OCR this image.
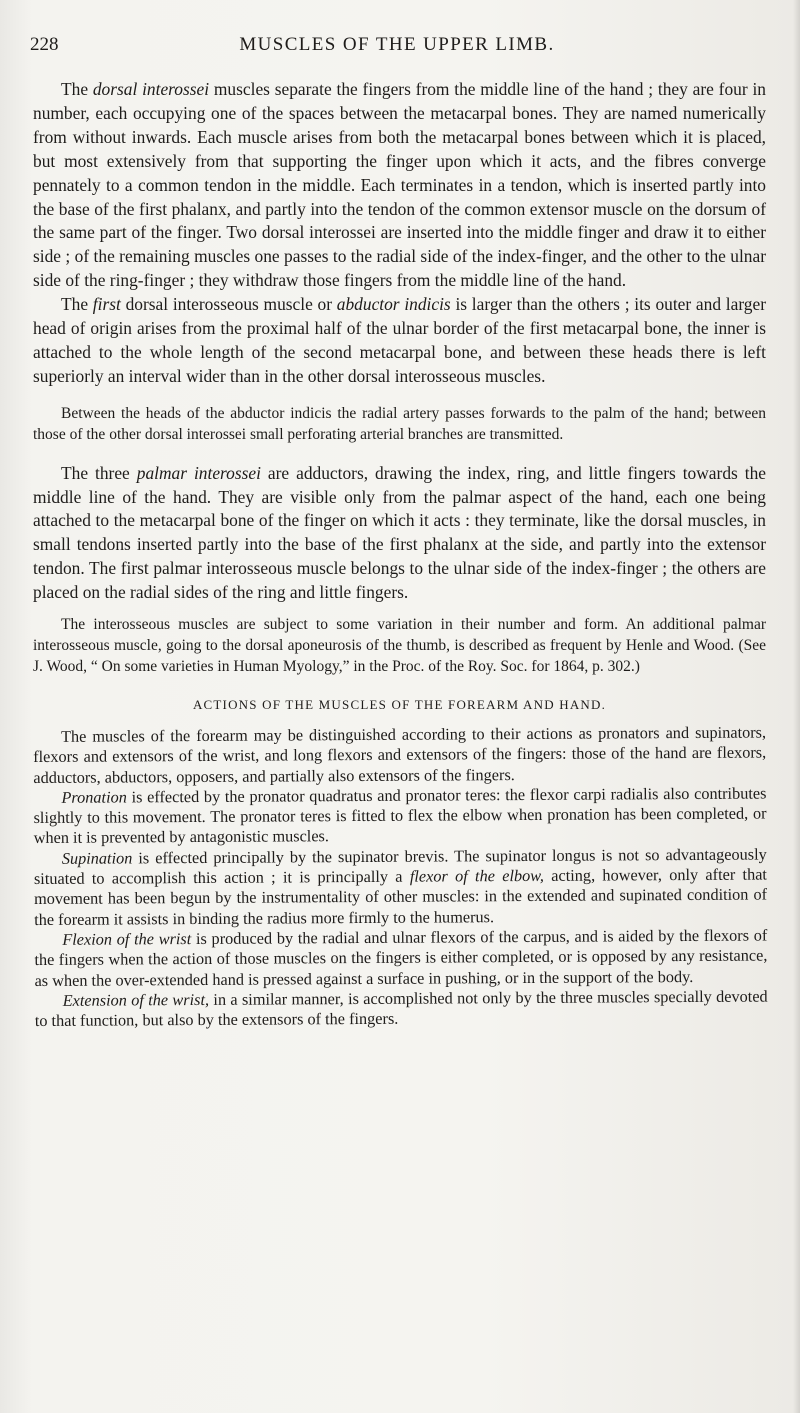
228	MUSCLES OF THE UPPER LIMB.

The dorsal interossei muscles separate the fingers from the middle line of the hand ; they are four in number, each occupying one of the spaces between the metacarpal bones. They are named numerically from without inwards. Each muscle arises from both the metacarpal bones between which it is placed, but most extensively from that supporting the finger upon which it acts, and the fibres converge pennately to a common tendon in the middle. Each terminates in a tendon, which is inserted partly into the base of the first phalanx, and partly into the tendon of the common extensor muscle on the dorsum of the same part of the finger. Two dorsal interossei are inserted into the middle finger and draw it to either side ; of the remaining muscles one passes to the radial side of the index-finger, and the other to the ulnar side of the ring-finger ; they withdraw those fingers from the middle line of the hand.

The first dorsal interosseous muscle or abductor indicis is larger than the others ; its outer and larger head of origin arises from the proximal half of the ulnar border of the first metacarpal bone, the inner is attached to the whole length of the second metacarpal bone, and between these heads there is left superiorly an interval wider than in the other dorsal interosseous muscles.

Between the heads of the abductor indicis the radial artery passes forwards to the palm of the hand; between those of the other dorsal interossei small perforating arterial branches are transmitted.

The three palmar interossei are adductors, drawing the index, ring, and little fingers towards the middle line of the hand. They are visible only from the palmar aspect of the hand, each one being attached to the metacarpal bone of the finger on which it acts : they terminate, like the dorsal muscles, in small tendons inserted partly into the base of the first phalanx at the side, and partly into the extensor tendon. The first palmar interosseous muscle belongs to the ulnar side of the index-finger ; the others are placed on the radial sides of the ring and little fingers.

The interosseous muscles are subject to some variation in their number and form. An additional palmar interosseous muscle, going to the dorsal aponeurosis of the thumb, is described as frequent by Henle and Wood. (See J. Wood, “ On some varieties in Human Myology,” in the Proc. of the Roy. Soc. for 1864, p. 302.)

ACTIONS OF THE MUSCLES OF THE FOREARM AND HAND.

The muscles of the forearm may be distinguished according to their actions as pronators and supinators, flexors and extensors of the wrist, and long flexors and extensors of the fingers: those of the hand are flexors, adductors, abductors, opposers, and partially also extensors of the fingers.

Pronation is effected by the pronator quadratus and pronator teres: the flexor carpi radialis also contributes slightly to this movement. The pronator teres is fitted to flex the elbow when pronation has been completed, or when it is prevented by antagonistic muscles.

Supination is effected principally by the supinator brevis. The supinator longus is not so advantageously situated to accomplish this action ; it is principally a flexor of the elbow, acting, however, only after that movement has been begun by the instrumentality of other muscles: in the extended and supinated condition of the forearm it assists in binding the radius more firmly to the humerus.

Flexion of the wrist is produced by the radial and ulnar flexors of the carpus, and is aided by the flexors of the fingers when the action of those muscles on the fingers is either completed, or is opposed by any resistance, as when the over-extended hand is pressed against a surface in pushing, or in the support of the body.

Extension of the wrist, in a similar manner, is accomplished not only by the three muscles specially devoted to that function, but also by the extensors of the fingers.
